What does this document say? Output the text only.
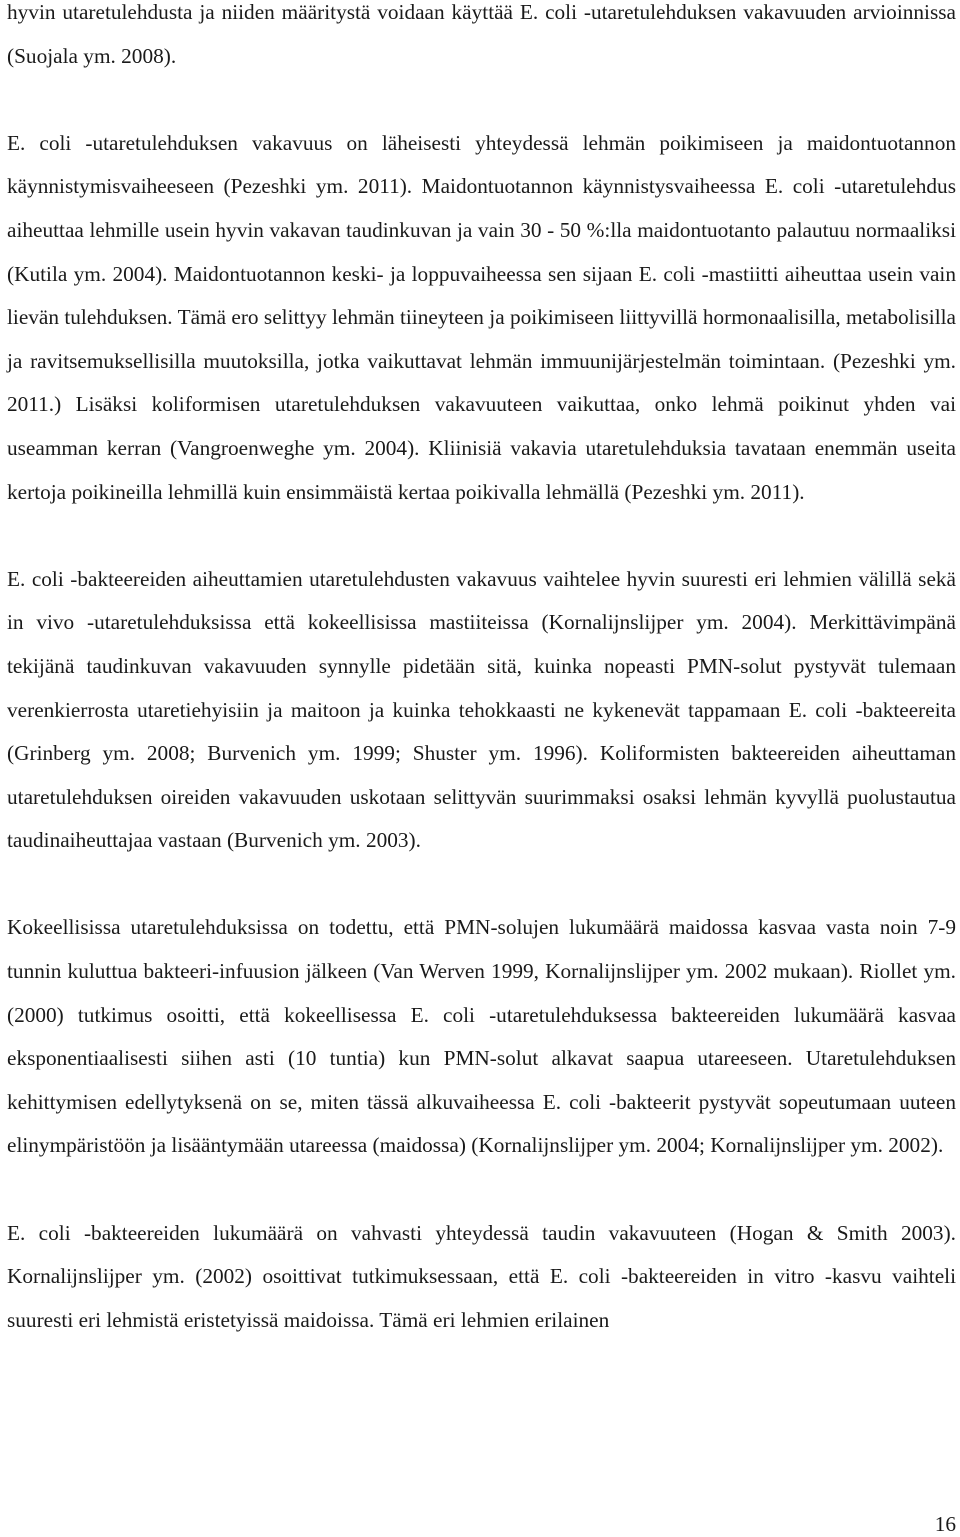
hyvin utaretulehdusta ja niiden määritystä voidaan käyttää E. coli -utaretulehduksen vakavuuden arvioinnissa (Suojala ym. 2008).

E. coli -utaretulehduksen vakavuus on läheisesti yhteydessä lehmän poikimiseen ja maidontuotannon käynnistymisvaiheeseen (Pezeshki ym. 2011). Maidontuotannon käynnistysvaiheessa E. coli -utaretulehdus aiheuttaa lehmille usein hyvin vakavan taudinkuvan ja vain 30 - 50 %:lla maidontuotanto palautuu normaaliksi (Kutila ym. 2004). Maidontuotannon keski- ja loppuvaiheessa sen sijaan E. coli -mastiitti aiheuttaa usein vain lievän tulehduksen. Tämä ero selittyy lehmän tiineyteen ja poikimiseen liittyvillä hormonaalisilla, metabolisilla ja ravitsemuksellisilla muutoksilla, jotka vaikuttavat lehmän immuunijärjestelmän toimintaan. (Pezeshki ym. 2011.) Lisäksi koliformisen utaretulehduksen vakavuuteen vaikuttaa, onko lehmä poikinut yhden vai useamman kerran (Vangroenweghe ym. 2004). Kliinisiä vakavia utaretulehduksia tavataan enemmän useita kertoja poikineilla lehmillä kuin ensimmäistä kertaa poikivalla lehmällä (Pezeshki ym. 2011).

E. coli -bakteereiden aiheuttamien utaretulehdusten vakavuus vaihtelee hyvin suuresti eri lehmien välillä sekä in vivo -utaretulehduksissa että kokeellisissa mastiiteissa (Kornalijnslijper ym. 2004). Merkittävimpänä tekijänä taudinkuvan vakavuuden synnylle pidetään sitä, kuinka nopeasti PMN-solut pystyvät tulemaan verenkierrosta utaretiehyisiin ja maitoon ja kuinka tehokkaasti ne kykenevät tappamaan E. coli -bakteereita (Grinberg ym. 2008; Burvenich ym. 1999; Shuster ym. 1996). Koliformisten bakteereiden aiheuttaman utaretulehduksen oireiden vakavuuden uskotaan selittyvän suurimmaksi osaksi lehmän kyvyllä puolustautua taudinaiheuttajaa vastaan (Burvenich ym. 2003).

Kokeellisissa utaretulehduksissa on todettu, että PMN-solujen lukumäärä maidossa kasvaa vasta noin 7-9 tunnin kuluttua bakteeri-infuusion jälkeen (Van Werven 1999, Kornalijnslijper ym. 2002 mukaan). Riollet ym. (2000) tutkimus osoitti, että kokeellisessa E. coli -utaretulehduksessa bakteereiden lukumäärä kasvaa eksponentiaalisesti siihen asti (10 tuntia) kun PMN-solut alkavat saapua utareeseen. Utaretulehduksen kehittymisen edellytyksenä on se, miten tässä alkuvaiheessa E. coli -bakteerit pystyvät sopeutumaan uuteen elinympäristöön ja lisääntymään utareessa (maidossa) (Kornalijnslijper ym. 2004; Kornalijnslijper ym. 2002).

E. coli -bakteereiden lukumäärä on vahvasti yhteydessä taudin vakavuuteen (Hogan & Smith 2003). Kornalijnslijper ym. (2002) osoittivat tutkimuksessaan, että E. coli -bakteereiden in vitro -kasvu vaihteli suuresti eri lehmistä eristetyissä maidoissa. Tämä eri lehmien erilainen

16
